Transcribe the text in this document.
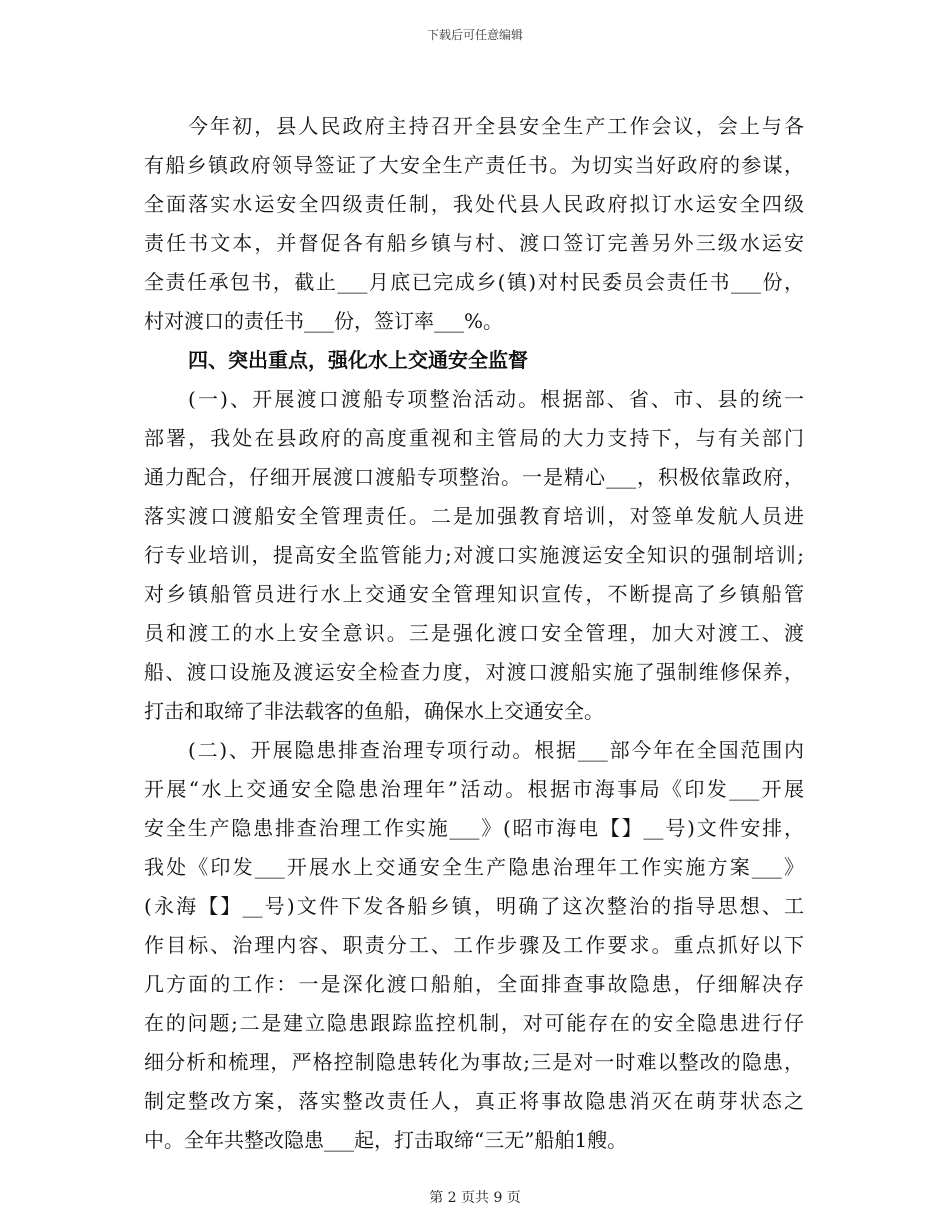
下载后可任意编辑
今年初，县人民政府主持召开全县安全生产工作会议，会上与各
有船乡镇政府领导签证了大安全生产责任书。为切实当好政府的参谋，
全面落实水运安全四级责任制，我处代县人民政府拟订水运安全四级
责任书文本，并督促各有船乡镇与村、渡口签订完善另外三级水运安
全责任承包书，截止___月底已完成乡(镇)对村民委员会责任书___份，
村对渡口的责任书___份，签订率___%。
四、突出重点，强化水上交通安全监督
(一)、开展渡口渡船专项整治活动。根据部、省、市、县的统一
部署，我处在县政府的高度重视和主管局的大力支持下，与有关部门
通力配合，仔细开展渡口渡船专项整治。一是精心___，积极依靠政府，
落实渡口渡船安全管理责任。二是加强教育培训，对签单发航人员进
行专业培训，提高安全监管能力;对渡口实施渡运安全知识的强制培训;
对乡镇船管员进行水上交通安全管理知识宣传，不断提高了乡镇船管
员和渡工的水上安全意识。三是强化渡口安全管理，加大对渡工、渡
船、渡口设施及渡运安全检查力度，对渡口渡船实施了强制维修保养，
打击和取缔了非法载客的鱼船，确保水上交通安全。
(二)、开展隐患排查治理专项行动。根据___部今年在全国范围内
开展“水上交通安全隐患治理年”活动。根据市海事局《印发___开展
安全生产隐患排查治理工作实施___》(昭市海电【】__号)文件安排，
我处《印发___开展水上交通安全生产隐患治理年工作实施方案___》
(永海【】__号)文件下发各船乡镇，明确了这次整治的指导思想、工
作目标、治理内容、职责分工、工作步骤及工作要求。重点抓好以下
几方面的工作：一是深化渡口船舶，全面排查事故隐患，仔细解决存
在的问题;二是建立隐患跟踪监控机制，对可能存在的安全隐患进行仔
细分析和梳理，严格控制隐患转化为事故;三是对一时难以整改的隐患，
制定整改方案，落实整改责任人，真正将事故隐患消灭在萌芽状态之
中。全年共整改隐患___起，打击取缔“三无”船舶1艘。
第 2 页共 9 页
